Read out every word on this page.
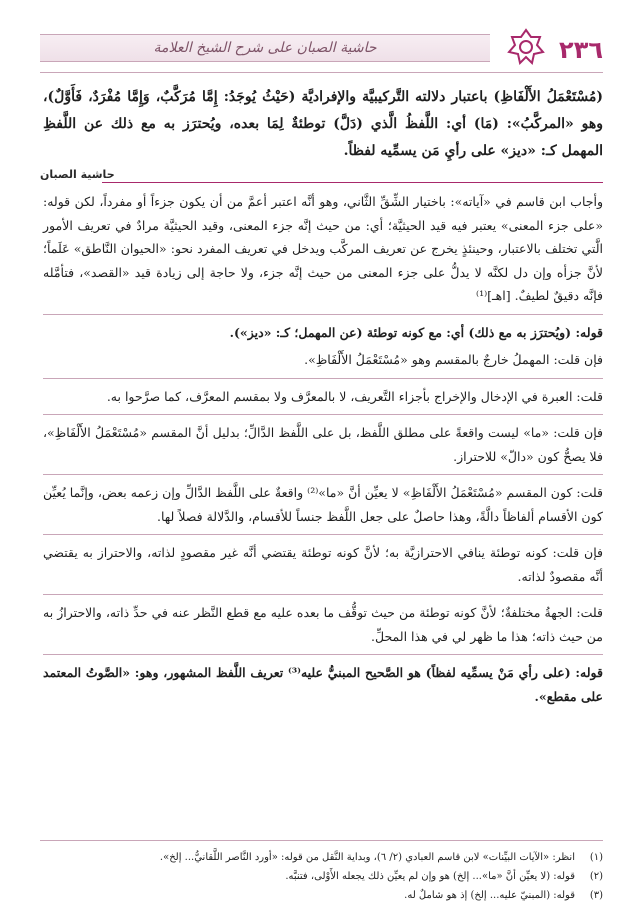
٢٣٦
حاشية الصبان على شرح الشيخ العلامة

(مُسْتَعْمَلُ الأَلْفَاظِ) باعتبار دلالته التَّركيبيَّة والإفراديَّة (حَيْثُ يُوجَدُ: إِمَّا مُرَكَّبٌ، وَإِمَّا مُفْرَدٌ، فَأَوَّلٌ)، وهو «المركَّبُ»: (مَا) أي: اللَّفظُ الَّذي (دَلَّ) توطئةٌ لِمَا بعده، ويُحترَز به مع ذلك عن اللَّفظِ المهمل كـ: «ديز» على رأيِ مَن يسمِّيه لفظاً.

حاشية الصبان

وأجاب ابن قاسم في «آياته»: باختيار الشِّقِّ الثَّاني، وهو أنَّه اعتبر أعمَّ من أن يكون جزءاً أو مفرداً، لكن قوله: «على جزء المعنى» يعتبر فيه قيد الحيثيَّة؛ أي: من حيث إنَّه جزء المعنى، وقيد الحيثيَّة مرادٌ في تعريف الأمور الَّتي تختلف بالاعتبار، وحينئذٍ يخرج عن تعريف المركَّب ويدخل في تعريف المفرد نحو: «الحيوان النَّاطق» عَلَماً؛ لأنَّ جزأه وإن دل لكنَّه لا يدلُّ على جزء المعنى من حيث إنَّه جزء، ولا حاجة إلى زيادة قيد «القصد»، فتأمَّله فإنَّه دقيقٌ لطيفٌ. [اهـ]⁽¹⁾

قوله: (ويُحترَز به مع ذلك) أي: مع كونه توطئة (عن المهمل؛ كـ: «ديز»).

فإن قلت: المهملُ خارجٌ بالمقسم وهو «مُسْتَعْمَلُ الأَلْفَاظِ».

قلت: العبرة في الإدخال والإخراج بأجزاء التَّعريف، لا بالمعرَّف ولا بمقسم المعرَّف، كما صرَّحوا به.

فإن قلت: «ما» ليست واقعةً على مطلق اللَّفظ، بل على اللَّفظ الدَّالِّ؛ بدليل أنَّ المقسم «مُسْتَعْمَلُ الأَلْفَاظِ»، فلا يصحُّ كون «دالّ» للاحتراز.

قلت: كون المقسم «مُسْتَعْمَلُ الأَلْفَاظِ» لا يعيِّن أنَّ «ما»⁽²⁾ واقعةٌ على اللَّفظ الدَّالِّ وإن زعمه بعض، وإنَّما يُعيِّن كون الأقسام ألفاظاً دالَّةً، وهذا حاصلٌ على جعل اللَّفظ جنساً للأقسام، والدَّلالة فصلاً لها.

فإن قلت: كونه توطئة ينافي الاحترازيَّة به؛ لأنَّ كونه توطئة يقتضي أنَّه غير مقصودٍ لذاته، والاحتراز به يقتضي أنَّه مقصودٌ لذاته.

قلت: الجهةُ مختلفةٌ؛ لأنَّ كونه توطئة من حيث توقُّف ما بعده عليه مع قطع النَّظر عنه في حدِّ ذاته، والاحترازُ به من حيث ذاته؛ هذا ما ظهر لي في هذا المحلِّ.

قوله: (على رأي مَنْ يسمِّيه لفظاً) هو الصَّحيح المبنيُّ عليه⁽³⁾ تعريف اللَّفظ المشهور، وهو: «الصَّوتُ المعتمد على مقطع».

(١)
انظر: «الآيات البيِّنات» لابن قاسم العبادي (٢/ ٦)، وبداية النَّقل من قوله: «أورد النَّاصر اللَّقانيُّ... إلخ».
(٢)
قوله: (لا يعيِّن أنَّ «ما»... إلخ) هو وإن لم يعيِّن ذلك يجعله الأَوْلى، فتنبَّه.
(٣)
قوله: (المبنيّ عليه... إلخ) إذ هو شاملٌ له.
